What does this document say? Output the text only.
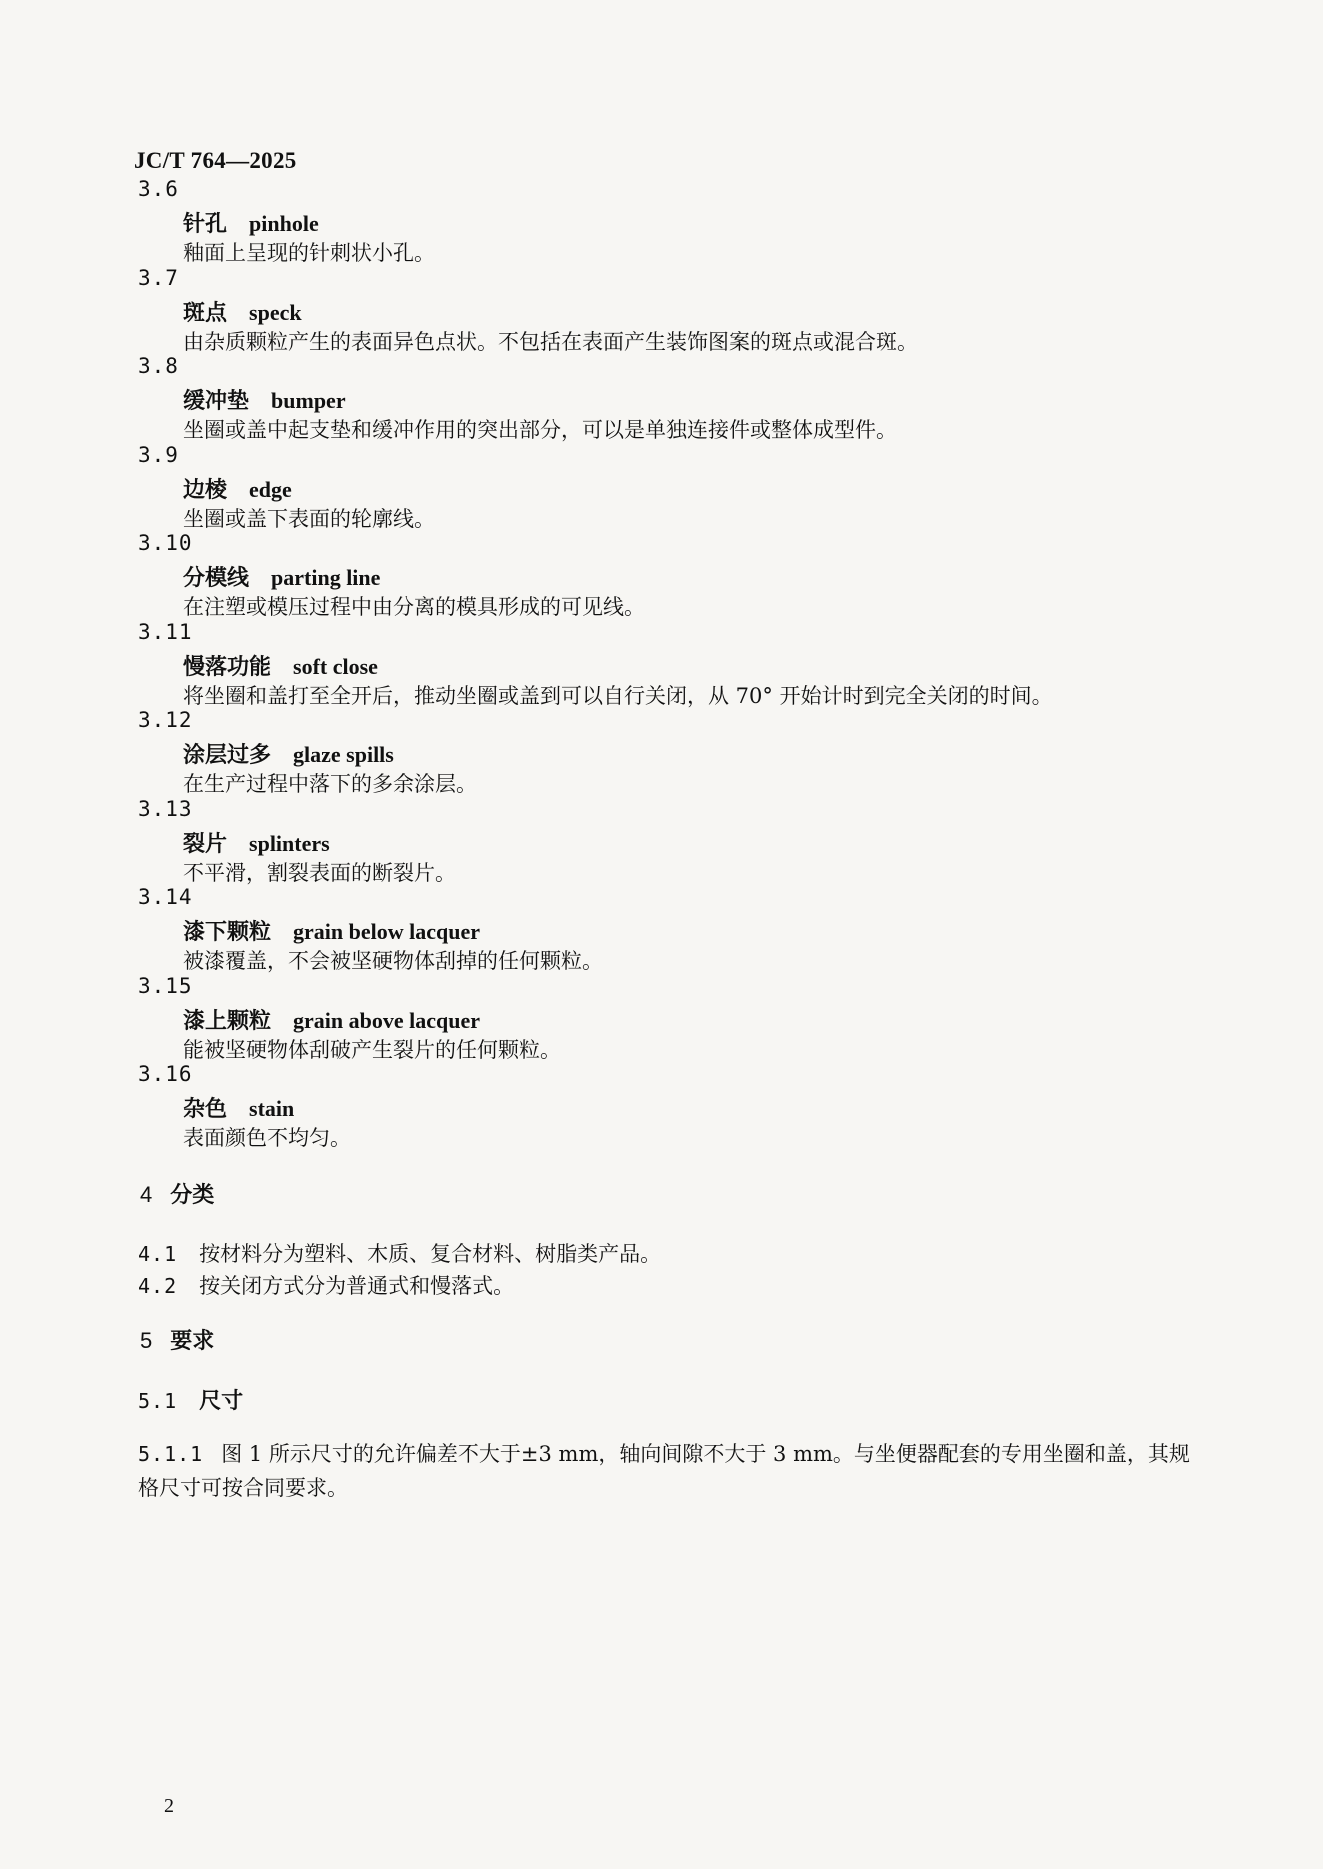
JC/T 764—2025
3.6
针孔 pinhole
釉面上呈现的针刺状小孔。
3.7
斑点 speck
由杂质颗粒产生的表面异色点状。不包括在表面产生装饰图案的斑点或混合斑。
3.8
缓冲垫 bumper
坐圈或盖中起支垫和缓冲作用的突出部分，可以是单独连接件或整体成型件。
3.9
边棱 edge
坐圈或盖下表面的轮廓线。
3.10
分模线 parting line
在注塑或模压过程中由分离的模具形成的可见线。
3.11
慢落功能 soft close
将坐圈和盖打至全开后，推动坐圈或盖到可以自行关闭，从 70° 开始计时到完全关闭的时间。
3.12
涂层过多 glaze spills
在生产过程中落下的多余涂层。
3.13
裂片 splinters
不平滑，割裂表面的断裂片。
3.14
漆下颗粒 grain below lacquer
被漆覆盖，不会被坚硬物体刮掉的任何颗粒。
3.15
漆上颗粒 grain above lacquer
能被坚硬物体刮破产生裂片的任何颗粒。
3.16
杂色 stain
表面颜色不均匀。
4 分类
4.1 按材料分为塑料、木质、复合材料、树脂类产品。
4.2 按关闭方式分为普通式和慢落式。
5 要求
5.1 尺寸
5.1.1 图 1 所示尺寸的允许偏差不大于±3 mm，轴向间隙不大于 3 mm。与坐便器配套的专用坐圈和盖，其规格尺寸可按合同要求。
2
